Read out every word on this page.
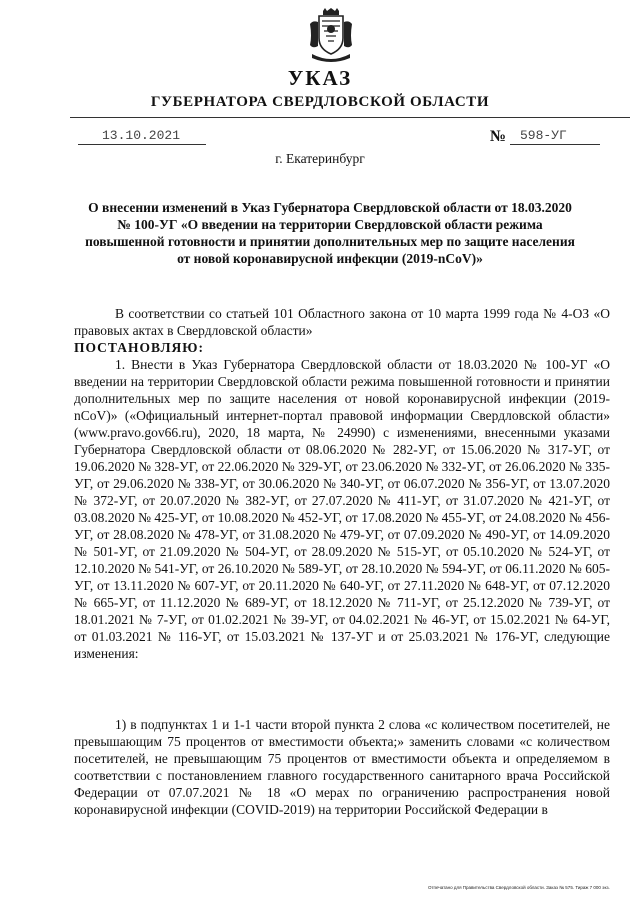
УКАЗ
ГУБЕРНАТОРА СВЕРДЛОВСКОЙ ОБЛАСТИ
13.10.2021	№	598-УГ
г. Екатеринбург
О внесении изменений в Указ Губернатора Свердловской области от 18.03.2020 № 100-УГ «О введении на территории Свердловской области режима повышенной готовности и принятии дополнительных мер по защите населения от новой коронавирусной инфекции (2019-nCoV)»
В соответствии со статьей 101 Областного закона от 10 марта 1999 года № 4-ОЗ «О правовых актах в Свердловской области»
ПОСТАНОВЛЯЮ:
1. Внести в Указ Губернатора Свердловской области от 18.03.2020 № 100-УГ «О введении на территории Свердловской области режима повышенной готовности и принятии дополнительных мер по защите населения от новой коронавирусной инфекции (2019-nCoV)» («Официальный интернет-портал правовой информации Свердловской области» (www.pravo.gov66.ru), 2020, 18 марта, № 24990) с изменениями, внесенными указами Губернатора Свердловской области от 08.06.2020 № 282-УГ, от 15.06.2020 № 317-УГ, от 19.06.2020 № 328-УГ, от 22.06.2020 № 329-УГ, от 23.06.2020 № 332-УГ, от 26.06.2020 № 335-УГ, от 29.06.2020 № 338-УГ, от 30.06.2020 № 340-УГ, от 06.07.2020 № 356-УГ, от 13.07.2020 № 372-УГ, от 20.07.2020 № 382-УГ, от 27.07.2020 № 411-УГ, от 31.07.2020 № 421-УГ, от 03.08.2020 № 425-УГ, от 10.08.2020 № 452-УГ, от 17.08.2020 № 455-УГ, от 24.08.2020 № 456-УГ, от 28.08.2020 № 478-УГ, от 31.08.2020 № 479-УГ, от 07.09.2020 № 490-УГ, от 14.09.2020 № 501-УГ, от 21.09.2020 № 504-УГ, от 28.09.2020 № 515-УГ, от 05.10.2020 № 524-УГ, от 12.10.2020 № 541-УГ, от 26.10.2020 № 589-УГ, от 28.10.2020 № 594-УГ, от 06.11.2020 № 605-УГ, от 13.11.2020 № 607-УГ, от 20.11.2020 № 640-УГ, от 27.11.2020 № 648-УГ, от 07.12.2020 № 665-УГ, от 11.12.2020 № 689-УГ, от 18.12.2020 № 711-УГ, от 25.12.2020 № 739-УГ, от 18.01.2021 № 7-УГ, от 01.02.2021 № 39-УГ, от 04.02.2021 № 46-УГ, от 15.02.2021 № 64-УГ, от 01.03.2021 № 116-УГ, от 15.03.2021 № 137-УГ и от 25.03.2021 № 176-УГ, следующие изменения:
1) в подпунктах 1 и 1-1 части второй пункта 2 слова «с количеством посетителей, не превышающим 75 процентов от вместимости объекта;» заменить словами «с количеством посетителей, не превышающим 75 процентов от вместимости объекта и определяемом в соответствии с постановлением главного государственного санитарного врача Российской Федерации от 07.07.2021 № 18 «О мерах по ограничению распространения новой коронавирусной инфекции (COVID-2019) на территории Российской Федерации в
Отпечатано для Правительства Свердловской области. Заказ № 575. Тираж 7 000 экз.
